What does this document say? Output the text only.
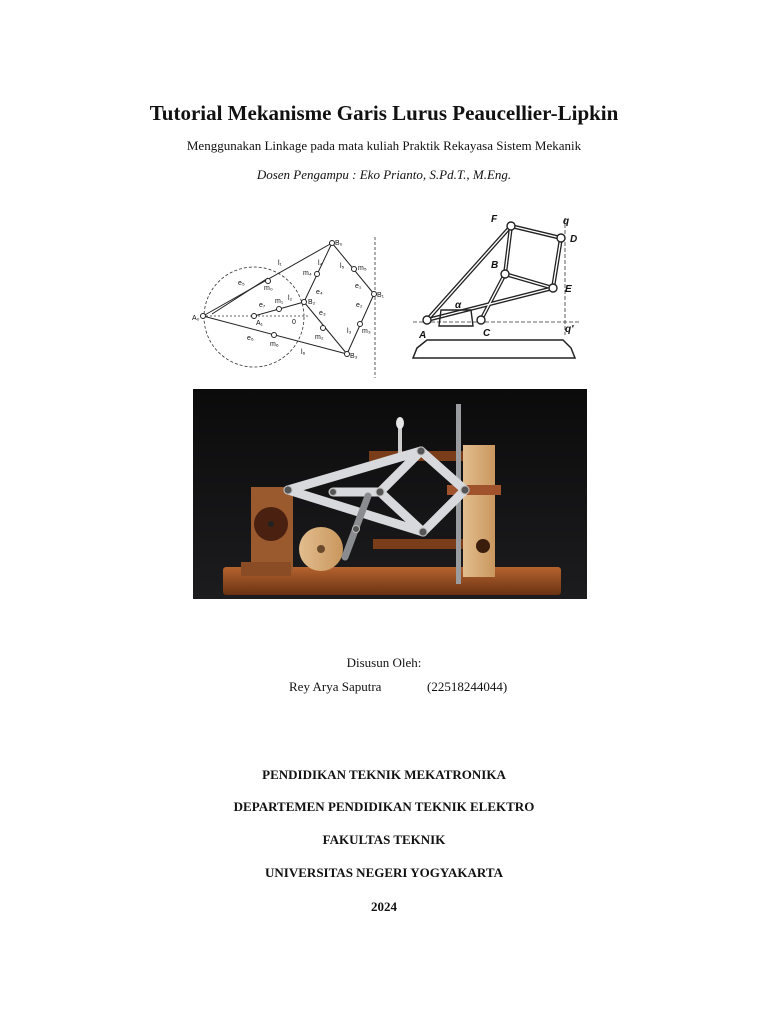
Tutorial Mekanisme Garis Lurus Peaucellier-Lipkin
Menggunakan Linkage pada mata kuliah Praktik Rekayasa Sistem Mekanik
Dosen Pengampu : Eko Prianto, S.Pd.T., M.Eng.
B₀
B₁
B₂
B₃
A₀
A₁
m₀
m₁
m₂
m₃
m₄
m₅
m₆
l₁
l₂
l₃
l₄	l₅
l₆
e₁
e₂
e₃
e₄
e₅
e₆
e₇
0
F	q
D
B
E
A	C	q'
α
Disusun Oleh:
Rey Arya Saputra	(22518244044)
PENDIDIKAN TEKNIK MEKATRONIKA
DEPARTEMEN PENDIDIKAN TEKNIK ELEKTRO
FAKULTAS TEKNIK
UNIVERSITAS NEGERI YOGYAKARTA
2024
